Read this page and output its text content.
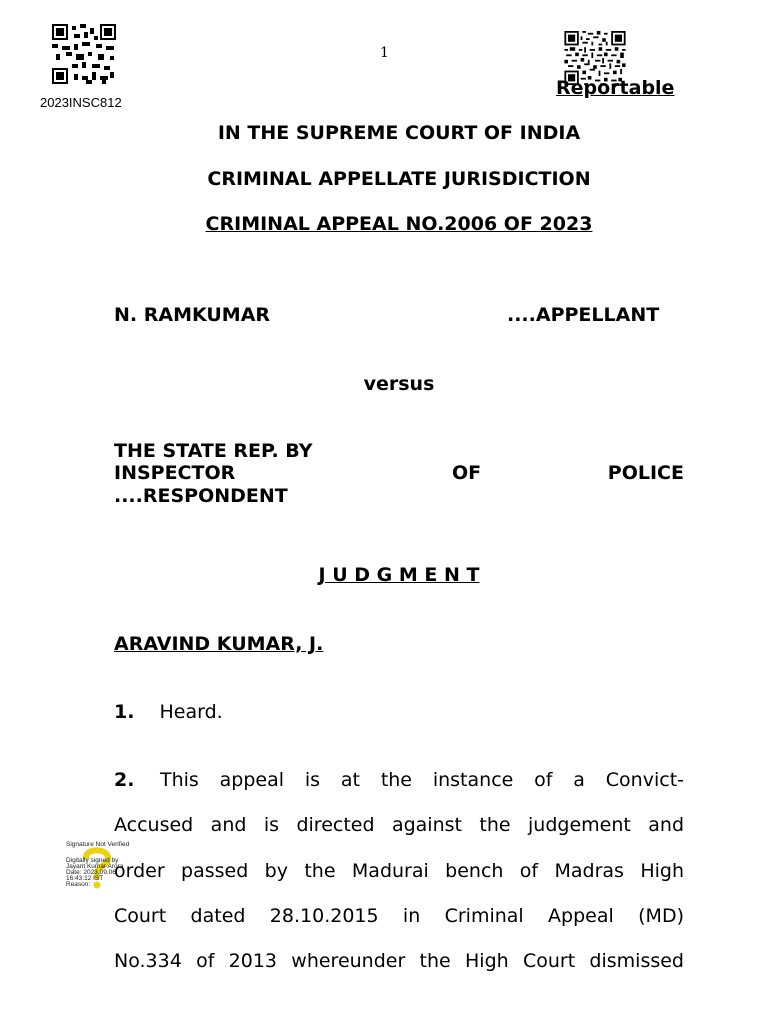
1
2023INSC812
Reportable
IN THE SUPREME COURT OF INDIA
CRIMINAL APPELLATE JURISDICTION
CRIMINAL APPEAL NO.2006 OF 2023
N. RAMKUMAR	....APPELLANT
versus
THE STATE REP. BY
INSPECTOR	OF	POLICE
....RESPONDENT
J U D G M E N T
ARAVIND KUMAR, J.
1. Heard.
2. This appeal is at the instance of a Convict-
Accused and is directed against the judgement and
order passed by the Madurai bench of Madras High
Court dated 28.10.2015 in Criminal Appeal (MD)
No.334 of 2013 whereunder the High Court dismissed
Signature Not Verified
Digitally signed by
Jayant Kumar Arora
Date: 2023.09.06
16:43:12 IST
Reason:
